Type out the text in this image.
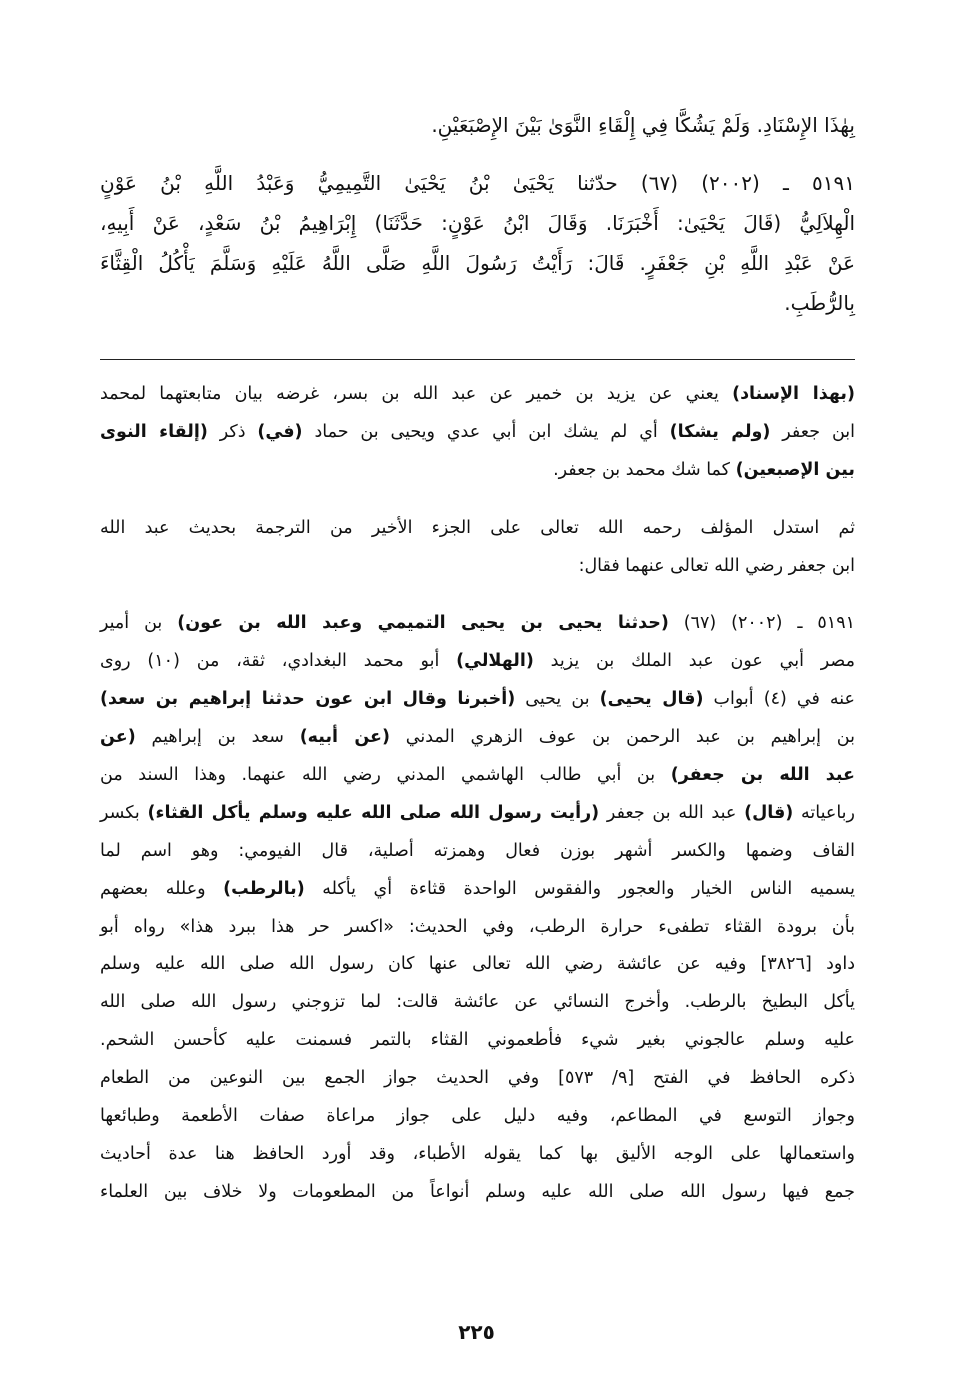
بِهٰذَا الإِسْنَادِ. وَلَمْ يَشُكَّا فِي إِلْقَاءِ النَّوَىٰ بَيْنَ الإِصْبَعَيْنِ.
٥١٩١ ـ (٢٠٠٢) (٦٧) حدّثنا يَحْيَىٰ بْنُ يَحْيَىٰ التَّمِيمِيُّ وَعَبْدُ اللَّهِ بْنُ عَوْنٍ
الْهِلاَلِيُّ (قَالَ يَحْيَىٰ: أَخْبَرَنَا. وَقَالَ ابْنُ عَوْنٍ: حَدَّثَنَا) إِبْرَاهِيمُ بْنُ سَعْدٍ، عَنْ أَبِيهِ،
عَنْ عَبْدِ اللَّهِ بْنِ جَعْفَرٍ. قَالَ: رَأَيْتُ رَسُولَ اللَّهِ صَلَّى اللَّهُ عَلَيْهِ وَسَلَّمَ يَأْكُلُ الْقِثَّاءَ
بِالرُّطَبِ.
(بهذا الإسناد) يعني عن يزيد بن خمير عن عبد الله بن بسر، غرضه بيان متابعتهما لمحمد
ابن جعفر (ولم يشكا) أي لم يشك ابن أبي عدي ويحيى بن حماد (في) ذكر (إلقاء النوى
بين الإصبعين) كما شك محمد بن جعفر.
ثم استدل المؤلف رحمه الله تعالى على الجزء الأخير من الترجمة بحديث عبد الله
ابن جعفر رضي الله تعالى عنهما فقال:
٥١٩١ ـ (٢٠٠٢) (٦٧) (حدثنا يحيى بن يحيى التميمي وعبد الله بن عون) بن أمير
مصر أبي عون عبد الملك بن يزيد (الهلالي) أبو محمد البغدادي، ثقة، من (١٠) روى
عنه في (٤) أبواب (قال يحيى) بن يحيى (أخبرنا وقال ابن عون حدثنا إبراهيم بن سعد)
بن إبراهيم بن عبد الرحمن بن عوف الزهري المدني (عن أبيه) سعد بن إبراهيم (عن
عبد الله بن جعفر) بن أبي طالب الهاشمي المدني رضي الله عنهما. وهذا السند من
رباعياته (قال) عبد الله بن جعفر (رأيت رسول الله صلى الله عليه وسلم يأكل القثاء) بكسر
القاف وضمها والكسر أشهر بوزن فعال وهمزته أصلية، قال الفيومي: وهو اسم لما
يسميه الناس الخيار والعجور والفقوس الواحدة قثاءة أي يأكله (بالرطب) وعلله بعضهم
بأن برودة القثاء تطفىء حرارة الرطب، وفي الحديث: «اكسر حر هذا ببرد هذا» رواه أبو
داود [٣٨٢٦] وفيه عن عائشة رضي الله تعالى عنها كان رسول الله صلى الله عليه وسلم
يأكل البطيخ بالرطب. وأخرج النسائي عن عائشة قالت: لما تزوجني رسول الله صلى الله
عليه وسلم عالجوني بغير شيء فأطعموني القثاء بالتمر فسمنت عليه كأحسن الشحم.
ذكره الحافظ في الفتح [٩/ ٥٧٣] وفي الحديث جواز الجمع بين النوعين من الطعام
وجواز التوسع في المطاعم، وفيه دليل على جواز مراعاة صفات الأطعمة وطبائعها
واستعمالها على الوجه الأليق بها كما يقوله الأطباء، وقد أورد الحافظ هنا عدة أحاديث
جمع فيها رسول الله صلى الله عليه وسلم أنواعاً من المطعومات ولا خلاف بين العلماء
٢٢٥
